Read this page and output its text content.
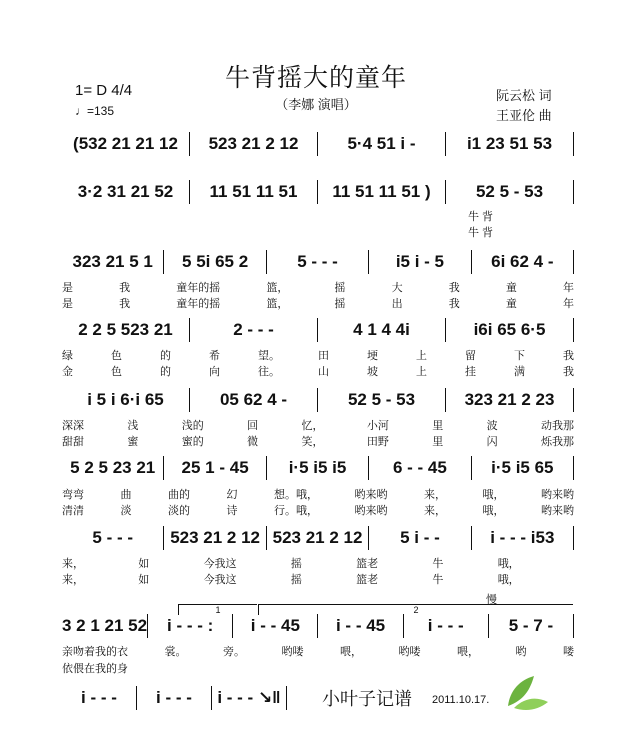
牛背摇大的童年
（李娜 演唱）
1= D 4/4
♩=135
阮云松 词
王亚伦 曲
慢
1	2
(532 21 21 12	523 21 2 12	5·4 51 i -	i1 23 51 53
3·2 31 21 52	11 51 11 51	11 51 11 51 )	52 5 - 53
牛 背
牛 背
323 21 5 1	5 5i 65 2	5 - - -	i5 i - 5	6i 62 4 -
是	我	童年的摇	篮，	摇	大	我	童	年
是	我	童年的摇	篮，	摇	出	我	童	年
2 2 5 523 21	2 - - -	4 1 4 4i	i6i 65 6·5
绿	色	的	希	望。	田	埂	上	留	下	我
金	色	的	向	往。	山	坡	上	挂	满	我
i 5 i 6·i 65	05 62 4 -	52 5 - 53	323 21 2 23
深深	浅	浅的	回	忆，	小河	里	波	动我那
甜甜	蜜	蜜的	微	笑，	田野	里	闪	烁我那
5 2 5 23 21	25 1 - 45	i·5 i5 i5	6 - - 45	i·5 i5 65
弯弯	曲	曲的	幻	想。哦，	哟来哟	来，	哦，	哟来哟
清清	淡	淡的	诗	行。哦，	哟来哟	来，	哦，	哟来哟
5 - - -	523 21 2 12 523 21 2 12	5 i - -	i - - - i53
来，	如	今我这	摇	篮老	牛	哦，
来，	如	今我这	摇	篮老	牛	哦，
3 2 1 21 52	i - - - :	i - - 45	i - - 45	i - - -	5 - 7 -
亲吻着我的衣	裳。	旁。	哟喽	喂，	哟喽	喂，	哟	喽
依偎在我的身
i - - -	i - - -	i - - - ↘‖	小叶子记谱 2011.10.17.
